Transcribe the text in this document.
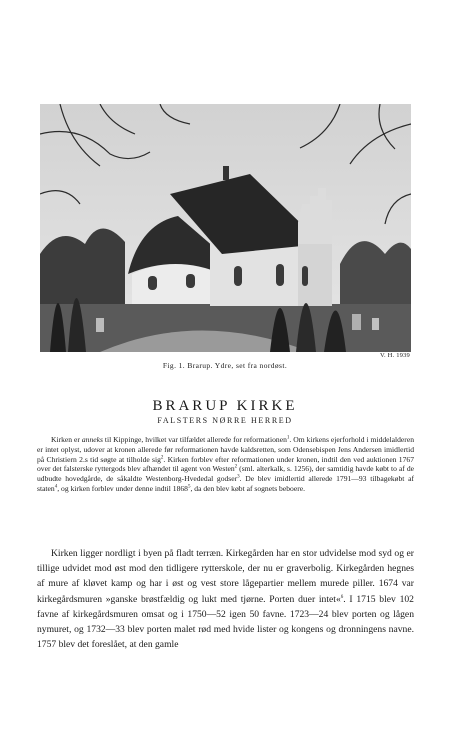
V. H. 1939
Fig. 1. Brarup. Ydre, set fra nordøst.
BRARUP KIRKE
FALSTERS NØRRE HERRED

Kirken er anneks til Kippinge, hvilket var tilfældet allerede for reformationen$^1$. Om kirkens ejerforhold i middelalderen er intet oplyst, udover at kronen allerede før reformationen havde kaldsretten, som Odensebispen Jens Andersen imidlertid på Christiern 2.s tid søgte at tilholde sig$^2$. Kirken forblev efter reformationen under kronen, indtil den ved auktionen 1767 over det falsterske ryttergods blev afhændet til agent von Westen$^2$ (sml. alterkalk, s. 1256), der samtidig havde købt to af de udbudte hovedgårde, de såkaldte Westenborg-Hvededal godser$^3$. De blev imidlertid allerede 1791—93 tilbagekøbt af staten$^4$, og kirken forblev under denne indtil 1868$^5$, da den blev købt af sognets beboere.

Kirken ligger nordligt i byen på fladt terræn. Kirkegården har en stor udvidelse mod syd og er tillige udvidet mod øst mod den tidligere rytterskole, der nu er graverbolig. Kirkegården hegnes af mure af kløvet kamp og har i øst og vest store lågepartier mellem murede piller. 1674 var kirkegårdsmuren »ganske brøstfældig og lukt med tjørne. Porten duer intet«$^6$. I 1715 blev 102 favne af kirkegårdsmuren omsat og i 1750—52 igen 50 favne. 1723—24 blev porten og lågen nymuret, og 1732—33 blev porten malet rød med hvide lister og kongens og dronningens navne. 1757 blev det foreslået, at den gamle
